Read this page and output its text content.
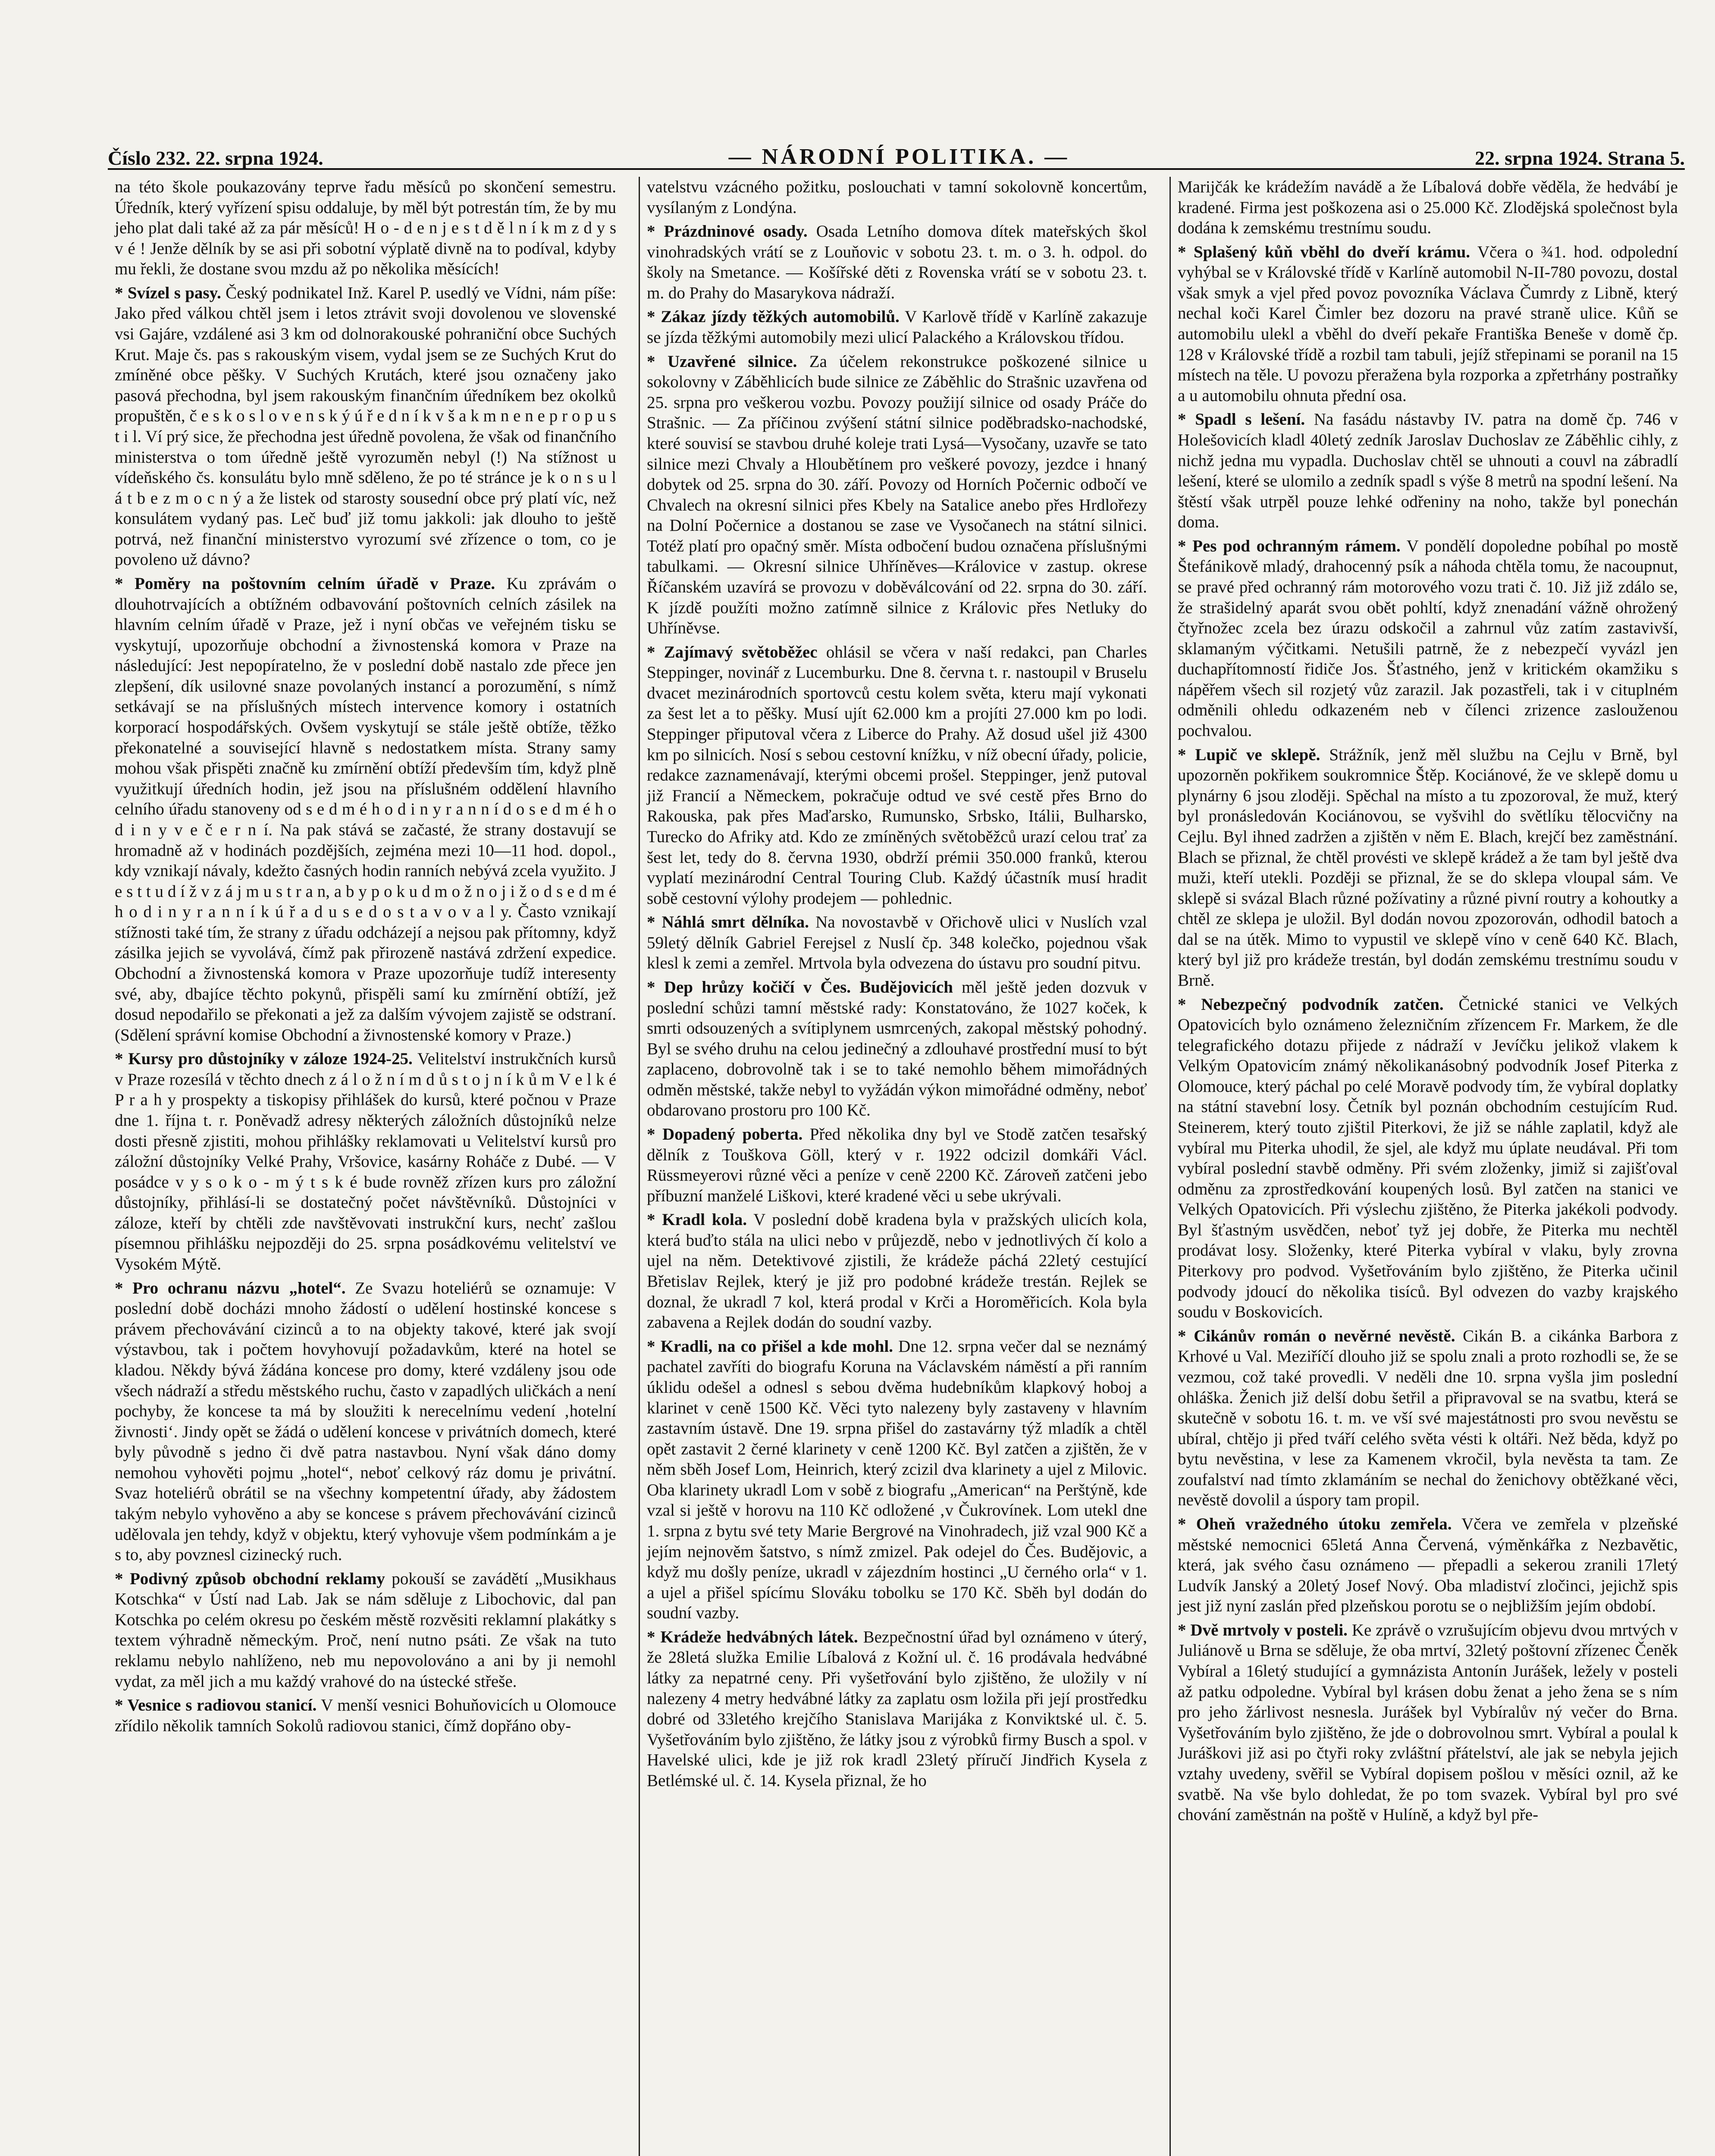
Číslo 232. 22. srpna 1924.	— NÁRODNÍ POLITIKA. —	22. srpna 1924. Strana 5.

na této škole poukazovány teprve řadu měsíců po skončení semestru. Úředník, který vyřízení spisu oddaluje, by měl být potrestán tím, že by mu jeho plat dali také až za pár měsíců! H o - d e n j e s t d ě l n í k m z d y s v é ! Jenže dělník by se asi při sobotní výplatě divně na to podíval, kdyby mu řekli, že dostane svou mzdu až po několika měsících!

* Svízel s pasy. Český podnikatel Inž. Karel P. usedlý ve Vídni, nám píše: Jako před válkou chtěl jsem i letos ztrávit svoji dovolenou ve slovenské vsi Gajáre, vzdálené asi 3 km od dolnorakouské pohraniční obce Suchých Krut. Maje čs. pas s rakouským visem, vydal jsem se ze Suchých Krut do zmíněné obce pěšky. V Suchých Krutách, které jsou označeny jako pasová přechodna, byl jsem rakouským finančním úředníkem bez okolků propuštěn, č e s k o s l o v e n s k ý ú ř e d n í k v š a k m n e n e p r o p u s t i l. Ví prý sice, že přechodna jest úředně povolena, že však od finančního ministerstva o tom úředně ještě vyrozuměn nebyl (!) Na stížnost u vídeňského čs. konsulátu bylo mně sděleno, že po té stránce je k o n s u l á t b e z m o c n ý a že listek od starosty sousední obce prý platí víc, než konsulátem vydaný pas. Leč buď již tomu jakkoli: jak dlouho to ještě potrvá, než finanční ministerstvo vyrozumí své zřízence o tom, co je povoleno už dávno?

* Poměry na poštovním celním úřadě v Praze. Ku zprávám o dlouhotrvajících a obtížném odbavování poštovních celních zásilek na hlavním celním úřadě v Praze, jež i nyní občas ve veřejném tisku se vyskytují, upozorňuje obchodní a živnostenská komora v Praze na následující: Jest nepopíratelno, že v poslední době nastalo zde přece jen zlepšení, dík usilovné snaze povolaných instancí a porozumění, s nímž setkávají se na příslušných místech intervence komory i ostatních korporací hospodářských. Ovšem vyskytují se stále ještě obtíže, těžko překonatelné a související hlavně s nedostatkem místa. Strany samy mohou však přispěti značně ku zmírnění obtíží především tím, když plně využitkují úředních hodin, jež jsou na příslušném oddělení hlavního celního úřadu stanoveny od s e d m é h o d i n y r a n n í d o s e d m é h o d i n y v e č e r n í. Na pak stává se začasté, že strany dostavují se hromadně až v hodinách pozdějších, zejména mezi 10—11 hod. dopol., kdy vznikají návaly, kdežto časných hodin ranních nebývá zcela využito. J e s t t u d í ž v z á j m u s t r a n, a b y p o k u d m o ž n o j i ž o d s e d m é h o d i n y r a n n í k ú ř a d u s e d o s t a v o v a l y. Často vznikají stížnosti také tím, že strany z úřadu odcházejí a nejsou pak přítomny, když zásilka jejich se vyvolává, čímž pak přirozeně nastává zdržení expedice. Obchodní a živnostenská komora v Praze upozorňuje tudíž interesenty své, aby, dbajíce těchto pokynů, přispěli samí ku zmírnění obtíží, jež dosud nepodařilo se překonati a jež za dalším vývojem zajistě se odstraní. (Sdělení správní komise Obchodní a živnostenské komory v Praze.)

* Kursy pro důstojníky v záloze 1924-25. Velitelství instrukčních kursů v Praze rozesílá v těchto dnech z á l o ž n í m d ů s t o j n í k ů m V e l k é P r a h y prospekty a tiskopisy přihlášek do kursů, které počnou v Praze dne 1. října t. r. Poněvadž adresy některých záložních důstojníků nelze dosti přesně zjistiti, mohou přihlášky reklamovati u Velitelství kursů pro záložní důstojníky Velké Prahy, Vršovice, kasárny Roháče z Dubé. — V posádce v y s o k o - m ý t s k é bude rovněž zřízen kurs pro záložní důstojníky, přihlásí-li se dostatečný počet návštěvníků. Důstojníci v záloze, kteří by chtěli zde navštěvovati instrukční kurs, nechť zašlou písemnou přihlášku nejpozději do 25. srpna posádkovému velitelství ve Vysokém Mýtě.

* Pro ochranu názvu „hotel“. Ze Svazu hoteliérů se oznamuje: V poslední době docházi mnoho žádostí o udělení hostinské koncese s právem přechovávání cizinců a to na objekty takové, které jak svojí výstavbou, tak i počtem hovyhovují požadavkům, které na hotel se kladou. Někdy bývá žádána koncese pro domy, které vzdáleny jsou ode všech nádraží a středu městského ruchu, často v zapadlých uličkách a není pochyby, že koncese ta má by sloužiti k nerecelnímu vedení ‚hotelní živnosti‘. Jindy opět se žádá o udělení koncese v privátních domech, které byly původně s jedno či dvě patra nastavbou. Nyní však dáno domy nemohou vyhověti pojmu „hotel“, neboť celkový ráz domu je privátní. Svaz hoteliérů obrátil se na všechny kompetentní úřady, aby žádostem takým nebylo vyhověno a aby se koncese s právem přechovávání cizinců udělovala jen tehdy, když v objektu, který vyhovuje všem podmínkám a je s to, aby povznesl cizinecký ruch.

* Podivný způsob obchodní reklamy pokouší se zavádětí „Musikhaus Kotschka“ v Ústí nad Lab. Jak se nám sděluje z Libochovic, dal pan Kotschka po celém okresu po českém městě rozvěsiti reklamní plakátky s textem výhradně německým. Proč, není nutno psáti. Ze však na tuto reklamu nebylo nahlíženo, neb mu nepovolováno a ani by ji nemohl vydat, za měl jich a mu každý vrahové do na ústecké střeše.

* Vesnice s radiovou stanicí. V menší vesnici Bohuňovicích u Olomouce zřídilo několik tamních Sokolů radiovou stanici, čímž dopřáno oby-

vatelstvu vzácného požitku, poslouchati v tamní sokolovně koncertům, vysílaným z Londýna.

* Prázdninové osady. Osada Letního domova dítek mateřských škol vinohradských vrátí se z Louňovic v sobotu 23. t. m. o 3. h. odpol. do školy na Smetance. — Košířské děti z Rovenska vrátí se v sobotu 23. t. m. do Prahy do Masarykova nádraží.

* Zákaz jízdy těžkých automobilů. V Karlově třídě v Karlíně zakazuje se jízda těžkými automobily mezi ulicí Palackého a Královskou třídou.

* Uzavřené silnice. Za účelem rekonstrukce poškozené silnice u sokolovny v Záběhlicích bude silnice ze Záběhlic do Strašnic uzavřena od 25. srpna pro veškerou vozbu. Povozy použijí silnice od osady Práče do Strašnic. — Za příčinou zvýšení státní silnice poděbradsko-nachodské, které souvisí se stavbou druhé koleje trati Lysá—Vysočany, uzavře se tato silnice mezi Chvaly a Hloubětínem pro veškeré povozy, jezdce i hnaný dobytek od 25. srpna do 30. září. Povozy od Horních Počernic odbočí ve Chvalech na okresní silnici přes Kbely na Satalice anebo přes Hrdlořezy na Dolní Počernice a dostanou se zase ve Vysočanech na státní silnici. Totéž platí pro opačný směr. Místa odbočení budou označena příslušnými tabulkami. — Okresní silnice Uhříněves—Královice v zastup. okrese Říčanském uzavírá se provozu v doběválcování od 22. srpna do 30. září. K jízdě použíti možno zatímně silnice z Královic přes Netluky do Uhříněvse.

* Zajímavý světoběžec ohlásil se včera v naší redakci, pan Charles Steppinger, novinář z Lucemburku. Dne 8. června t. r. nastoupil v Bruselu dvacet mezinárodních sportovců cestu kolem světa, kteru mají vykonati za šest let a to pěšky. Musí ujít 62.000 km a projíti 27.000 km po lodi. Steppinger připutoval včera z Liberce do Prahy. Až dosud ušel již 4300 km po silnicích. Nosí s sebou cestovní knížku, v níž obecní úřady, policie, redakce zaznamenávají, kterými obcemi prošel. Steppinger, jenž putoval již Francií a Německem, pokračuje odtud ve své cestě přes Brno do Rakouska, pak přes Maďarsko, Rumunsko, Srbsko, Itálii, Bulharsko, Turecko do Afriky atd. Kdo ze zmíněných světoběžců urazí celou trať za šest let, tedy do 8. června 1930, obdrží prémii 350.000 franků, kterou vyplatí mezinárodní Central Touring Club. Každý účastník musí hradit sobě cestovní výlohy prodejem — pohlednic.

* Náhlá smrt dělníka. Na novostavbě v Ořichově ulici v Nuslích vzal 59letý dělník Gabriel Ferejsel z Nuslí čp. 348 kolečko, pojednou však klesl k zemi a zemřel. Mrtvola byla odvezena do ústavu pro soudní pitvu.

* Dep hrůzy kočičí v Čes. Budějovicích měl ještě jeden dozvuk v poslední schůzi tamní městské rady: Konstatováno, že 1027 koček, k smrti odsouzených a svítiplynem usmrcených, zakopal městský pohodný. Byl se svého druhu na celou jedinečný a zdlouhavé prostřední musí to být zaplaceno, dobrovolně tak i se to také nemohlo během mimořádných odměn městské, takže nebyl to vyžádán výkon mimořádné odměny, neboť obdarovano prostoru pro 100 Kč.

* Dopadený poberta. Před několika dny byl ve Stodě zatčen tesařský dělník z Touškova Göll, který v r. 1922 odcizil domkáři Václ. Rüssmeyerovi různé věci a peníze v ceně 2200 Kč. Zároveň zatčeni jebo příbuzní manželé Liškovi, které kradené věci u sebe ukrývali.

* Kradl kola. V poslední době kradena byla v pražských ulicích kola, která buďto stála na ulici nebo v průjezdě, nebo v jednotlivých čí kolo a ujel na něm. Detektivové zjistili, že krádeže páchá 22letý cestující Břetislav Rejlek, který je již pro podobné krádeže trestán. Rejlek se doznal, že ukradl 7 kol, která prodal v Krči a Horoměřicích. Kola byla zabavena a Rejlek dodán do soudní vazby.

* Kradli, na co přišel a kde mohl. Dne 12. srpna večer dal se neznámý pachatel zavříti do biografu Koruna na Václavském náměstí a při ranním úklidu odešel a odnesl s sebou dvěma hudebníkům klapkový hoboj a klarinet v ceně 1500 Kč. Věci tyto nalezeny byly zastaveny v hlavním zastavním ústavě. Dne 19. srpna přišel do zastavárny týž mladík a chtěl opět zastavit 2 černé klarinety v ceně 1200 Kč. Byl zatčen a zjištěn, že v něm sběh Josef Lom, Heinrich, který zcizil dva klarinety a ujel z Milovic. Oba klarinety ukradl Lom v sobě z biografu „American“ na Perštýně, kde vzal si ještě v horovu na 110 Kč odložené ‚v Čukrovínek. Lom utekl dne 1. srpna z bytu své tety Marie Bergrové na Vinohradech, již vzal 900 Kč a jejím nejnověm šatstvo, s nímž zmizel. Pak odejel do Čes. Budějovic, a když mu došly peníze, ukradl v zájezdním hostinci „U černého orla“ v 1. a ujel a přišel spícímu Slováku tobolku se 170 Kč. Sběh byl dodán do soudní vazby.

* Krádeže hedvábných látek. Bezpečnostní úřad byl oznámeno v úterý, že 28letá služka Emilie Líbalová z Kožní ul. č. 16 prodávala hedvábné látky za nepatrné ceny. Při vyšetřování bylo zjištěno, že uložily v ní nalezeny 4 metry hedvábné látky za zaplatu osm ložila při její prostředku dobré od 33letého krejčího Stanislava Marijáka z Konviktské ul. č. 5. Vyšetřováním bylo zjištěno, že látky jsou z výrobků firmy Busch a spol. v Havelské ulici, kde je již rok kradl 23letý příručí Jindřich Kysela z Betlémské ul. č. 14. Kysela přiznal, že ho

Marijčák ke krádežím navádě a že Líbalová dobře věděla, že hedvábí je kradené. Firma jest poškozena asi o 25.000 Kč. Zlodějská společnost byla dodána k zemskému trestnímu soudu.

* Splašený kůň vběhl do dveří krámu. Včera o ¾1. hod. odpolední vyhýbal se v Královské třídě v Karlíně automobil N-II-780 povozu, dostal však smyk a vjel před povoz povozníka Václava Čumrdy z Libně, který nechal koči Karel Čimler bez dozoru na pravé straně ulice. Kůň se automobilu ulekl a vběhl do dveří pekaře Františka Beneše v domě čp. 128 v Královské třídě a rozbil tam tabuli, jejíž střepinami se poranil na 15 místech na těle. U povozu přeražena byla rozporka a zpřetrhány postraňky a u automobilu ohnuta přední osa.

* Spadl s lešení. Na fasádu nástavby IV. patra na domě čp. 746 v Holešovicích kladl 40letý zedník Jaroslav Duchoslav ze Záběhlic cihly, z nichž jedna mu vypadla. Duchoslav chtěl se uhnouti a couvl na zábradlí lešení, které se ulomilo a zedník spadl s výše 8 metrů na spodní lešení. Na štěstí však utrpěl pouze lehké odřeniny na noho, takže byl ponechán doma.

* Pes pod ochranným rámem. V pondělí dopoledne pobíhal po mostě Štefánikově mladý, drahocenný psík a náhoda chtěla tomu, že nacoupnut, se pravé před ochranný rám motorového vozu trati č. 10. Již již zdálo se, že strašidelný aparát svou obět pohltí, když znenadání vážně ohrožený čtyřnožec zcela bez úrazu odskočil a zahrnul vůz zatím zastavivší, sklamaným výčitkami. Netušili patrně, že z nebezpečí vyvázl jen duchapřítomností řidiče Jos. Šťastného, jenž v kritickém okamžiku s nápěřem všech sil rozjetý vůz zarazil. Jak pozastřeli, tak i v cituplném odměnili ohledu odkazeném neb v čílenci zrizence zaslouženou pochvalou.

* Lupič ve sklepě. Strážník, jenž měl službu na Cejlu v Brně, byl upozorněn pokřikem soukromnice Štěp. Kociánové, že ve sklepě domu u plynárny 6 jsou zloději. Spěchal na místo a tu zpozoroval, že muž, který byl pronásledován Kociánovou, se vyšvihl do světlíku tělocvičny na Cejlu. Byl ihned zadržen a zjištěn v něm E. Blach, krejčí bez zaměstnání. Blach se přiznal, že chtěl provésti ve sklepě krádež a že tam byl ještě dva muži, kteří utekli. Později se přiznal, že se do sklepa vloupal sám. Ve sklepě si svázal Blach různé požívatiny a různé pivní routry a kohoutky a chtěl ze sklepa je uložil. Byl dodán novou zpozorován, odhodil batoch a dal se na útěk. Mimo to vypustil ve sklepě víno v ceně 640 Kč. Blach, který byl již pro krádeže trestán, byl dodán zemskému trestnímu soudu v Brně.

* Nebezpečný podvodník zatčen. Četnické stanici ve Velkých Opatovicích bylo oznámeno železničním zřízencem Fr. Markem, že dle telegrafického dotazu přijede z nádraží v Jevíčku jelikož vlakem k Velkým Opatovicím známý několikanásobný podvodník Josef Piterka z Olomouce, který páchal po celé Moravě podvody tím, že vybíral doplatky na státní stavební losy. Četník byl poznán obchodním cestujícím Rud. Steinerem, který touto zjištil Piterkovi, že již se náhle zaplatil, když ale vybíral mu Piterka uhodil, že sjel, ale když mu úplate neudával. Při tom vybíral poslední stavbě odměny. Při svém zloženky, jimiž si zajišťoval odměnu za zprostředkování koupených losů. Byl zatčen na stanici ve Velkých Opatovicích. Při výslechu zjištěno, že Piterka jakékoli podvody. Byl šťastným usvědčen, neboť tyž jej dobře, že Piterka mu nechtěl prodávat losy. Složenky, které Piterka vybíral v vlaku, byly zrovna Piterkovy pro podvod. Vyšetřováním bylo zjištěno, že Piterka učinil podvody jdoucí do několika tisíců. Byl odvezen do vazby krajského soudu v Boskovicích.

* Cikánův román o nevěrné nevěstě. Cikán B. a cikánka Barbora z Krhové u Val. Meziříčí dlouho již se spolu znali a proto rozhodli se, že se vezmou, což také provedli. V neděli dne 10. srpna vyšla jim poslední ohláška. Ženich již delší dobu šetřil a připravoval se na svatbu, která se skutečně v sobotu 16. t. m. ve vší své majestátnosti pro svou nevěstu se ubíral, chtějo ji před tváří celého světa vésti k oltáři. Než běda, když po bytu nevěstina, v lese za Kamenem vkročil, byla nevěsta ta tam. Ze zoufalství nad tímto zklamáním se nechal do ženichovy obtěžkané věci, nevěstě dovolil a úspory tam propil.

* Oheň vražedného útoku zemřela. Včera ve zemřela v plzeňské městské nemocnici 65letá Anna Červená, výměnkářka z Nezbavětic, která, jak svého času oznámeno — přepadli a sekerou zranili 17letý Ludvík Janský a 20letý Josef Nový. Oba mladiství zločinci, jejichž spis jest již nyní zaslán před plzeňskou porotu se o nejbližším jejím období.

* Dvě mrtvoly v posteli. Ke zprávě o vzrušujícím objevu dvou mrtvých v Juliánově u Brna se sděluje, že oba mrtví, 32letý poštovní zřízenec Čeněk Vybíral a 16letý studující a gymnázista Antonín Jurášek, ležely v posteli až patku odpoledne. Vybíral byl krásen dobu ženat a jeho žena se s ním pro jeho žárlivost nesnesla. Jurášek byl Vybíralův ný večer do Brna. Vyšetřováním bylo zjištěno, že jde o dobrovolnou smrt. Vybíral a poulal k Juráškovi již asi po čtyři roky zvláštní přátelství, ale jak se nebyla jejich vztahy uvedeny, svěřil se Vybíral dopisem pošlou v měsíci oznil, až ke svatbě. Na vše bylo dohledat, že po tom svazek. Vybíral byl pro své chování zaměstnán na poště v Hulíně, a když byl pře-
